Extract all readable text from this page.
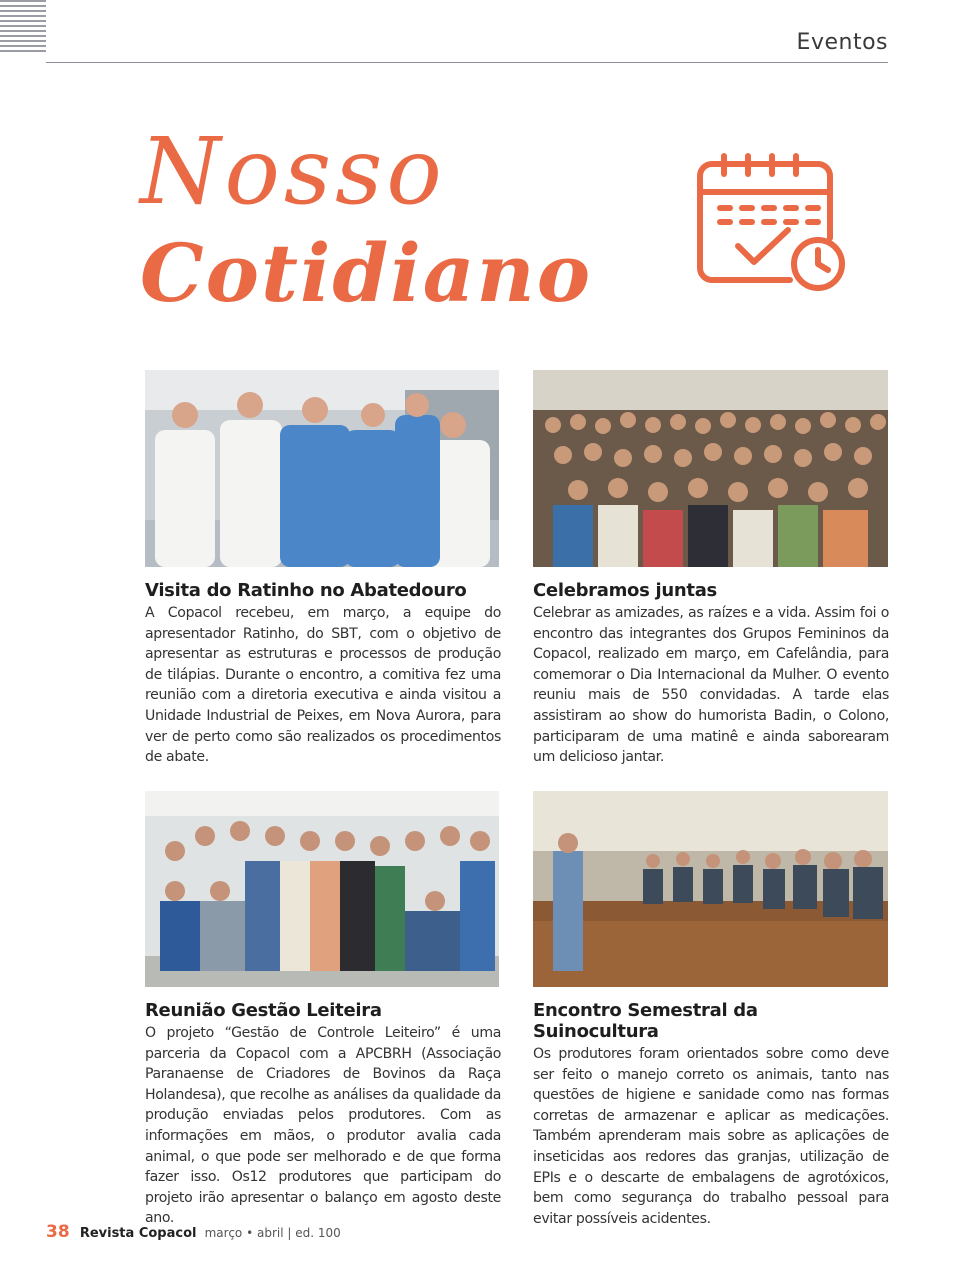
Eventos
Nosso
Cotidiano
Visita do Ratinho no Abatedouro

A Copacol recebeu, em março, a equipe do apresentador Ratinho, do SBT, com o objetivo de apresentar as estruturas e processos de produção de tilápias. Durante o encontro, a comitiva fez uma reunião com a diretoria executiva e ainda visitou a Unidade Industrial de Peixes, em Nova Aurora, para ver de perto como são realizados os procedimentos de abate.

Celebramos juntas

Celebrar as amizades, as raízes e a vida. Assim foi o encontro das integrantes dos Grupos Femininos da Copacol, realizado em março, em Cafelândia, para comemorar o Dia Internacional da Mulher. O evento reuniu mais de 550 convidadas. A tarde elas assistiram ao show do humorista Badin, o Colono, participaram de uma matinê e ainda saborearam um delicioso jantar.

Reunião Gestão Leiteira

O projeto “Gestão de Controle Leiteiro” é uma parceria da Copacol com a APCBRH (Associação Paranaense de Criadores de Bovinos da Raça Holandesa), que recolhe as análises da qualidade da produção enviadas pelos produtores. Com as informações em mãos, o produtor avalia cada animal, o que pode ser melhorado e de que forma fazer isso. Os12 produtores que participam do projeto irão apresentar o balanço em agosto deste ano.

Encontro Semestral da Suinocultura

Os produtores foram orientados sobre como deve ser feito o manejo correto os animais, tanto nas questões de higiene e sanidade como nas formas corretas de armazenar e aplicar as medicações. Também aprenderam mais sobre as aplicações de inseticidas aos redores das granjas, utilização de EPIs e o descarte de embalagens de agrotóxicos, bem como segurança do trabalho pessoal para evitar possíveis acidentes.

38 Revista Copacol março • abril | ed. 100
